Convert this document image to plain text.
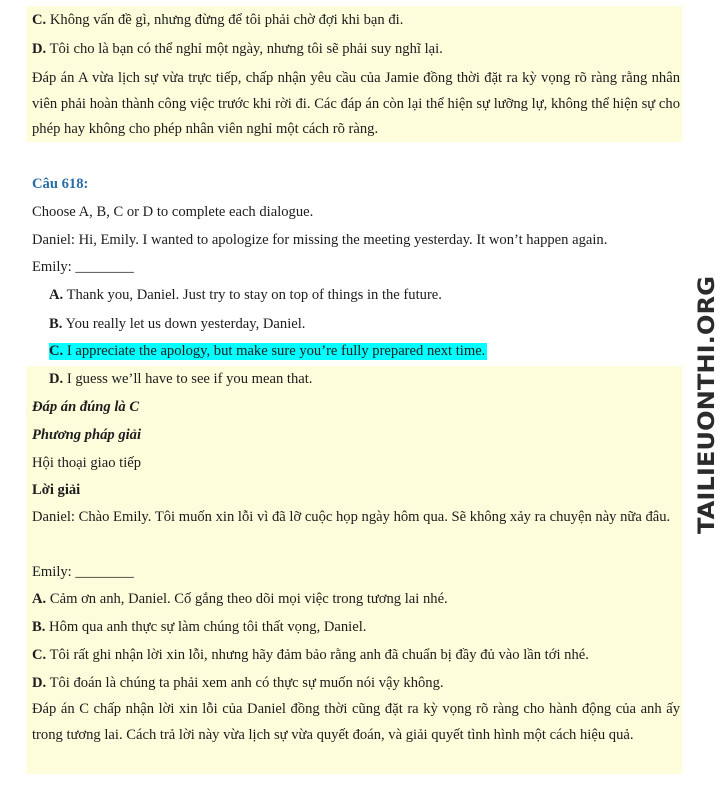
C. Không vấn đề gì, nhưng đừng để tôi phải chờ đợi khi bạn đi.
D. Tôi cho là bạn có thể nghỉ một ngày, nhưng tôi sẽ phải suy nghĩ lại.
Đáp án A vừa lịch sự vừa trực tiếp, chấp nhận yêu cầu của Jamie đồng thời đặt ra kỳ vọng rõ ràng rằng nhân viên phải hoàn thành công việc trước khi rời đi. Các đáp án còn lại thể hiện sự lưỡng lự, không thể hiện sự cho phép hay không cho phép nhân viên nghỉ một cách rõ ràng.
Câu 618:
Choose A, B, C or D to complete each dialogue.
Daniel: Hi, Emily. I wanted to apologize for missing the meeting yesterday. It won’t happen again.
Emily: ________
A. Thank you, Daniel. Just try to stay on top of things in the future.
B. You really let us down yesterday, Daniel.
C. I appreciate the apology, but make sure you’re fully prepared next time.
D. I guess we’ll have to see if you mean that.
Đáp án đúng là C
Phương pháp giải
Hội thoại giao tiếp
Lời giải
Daniel: Chào Emily. Tôi muốn xin lỗi vì đã lỡ cuộc họp ngày hôm qua. Sẽ không xảy ra chuyện này nữa đâu.
Emily: ________
A. Cảm ơn anh, Daniel. Cố gắng theo dõi mọi việc trong tương lai nhé.
B. Hôm qua anh thực sự làm chúng tôi thất vọng, Daniel.
C. Tôi rất ghi nhận lời xin lỗi, nhưng hãy đảm bảo rằng anh đã chuẩn bị đầy đủ vào lần tới nhé.
D. Tôi đoán là chúng ta phải xem anh có thực sự muốn nói vậy không.
Đáp án C chấp nhận lời xin lỗi của Daniel đồng thời cũng đặt ra kỳ vọng rõ ràng cho hành động của anh ấy trong tương lai. Cách trả lời này vừa lịch sự vừa quyết đoán, và giải quyết tình hình một cách hiệu quả.
TAILIEUONTHI.ORG
